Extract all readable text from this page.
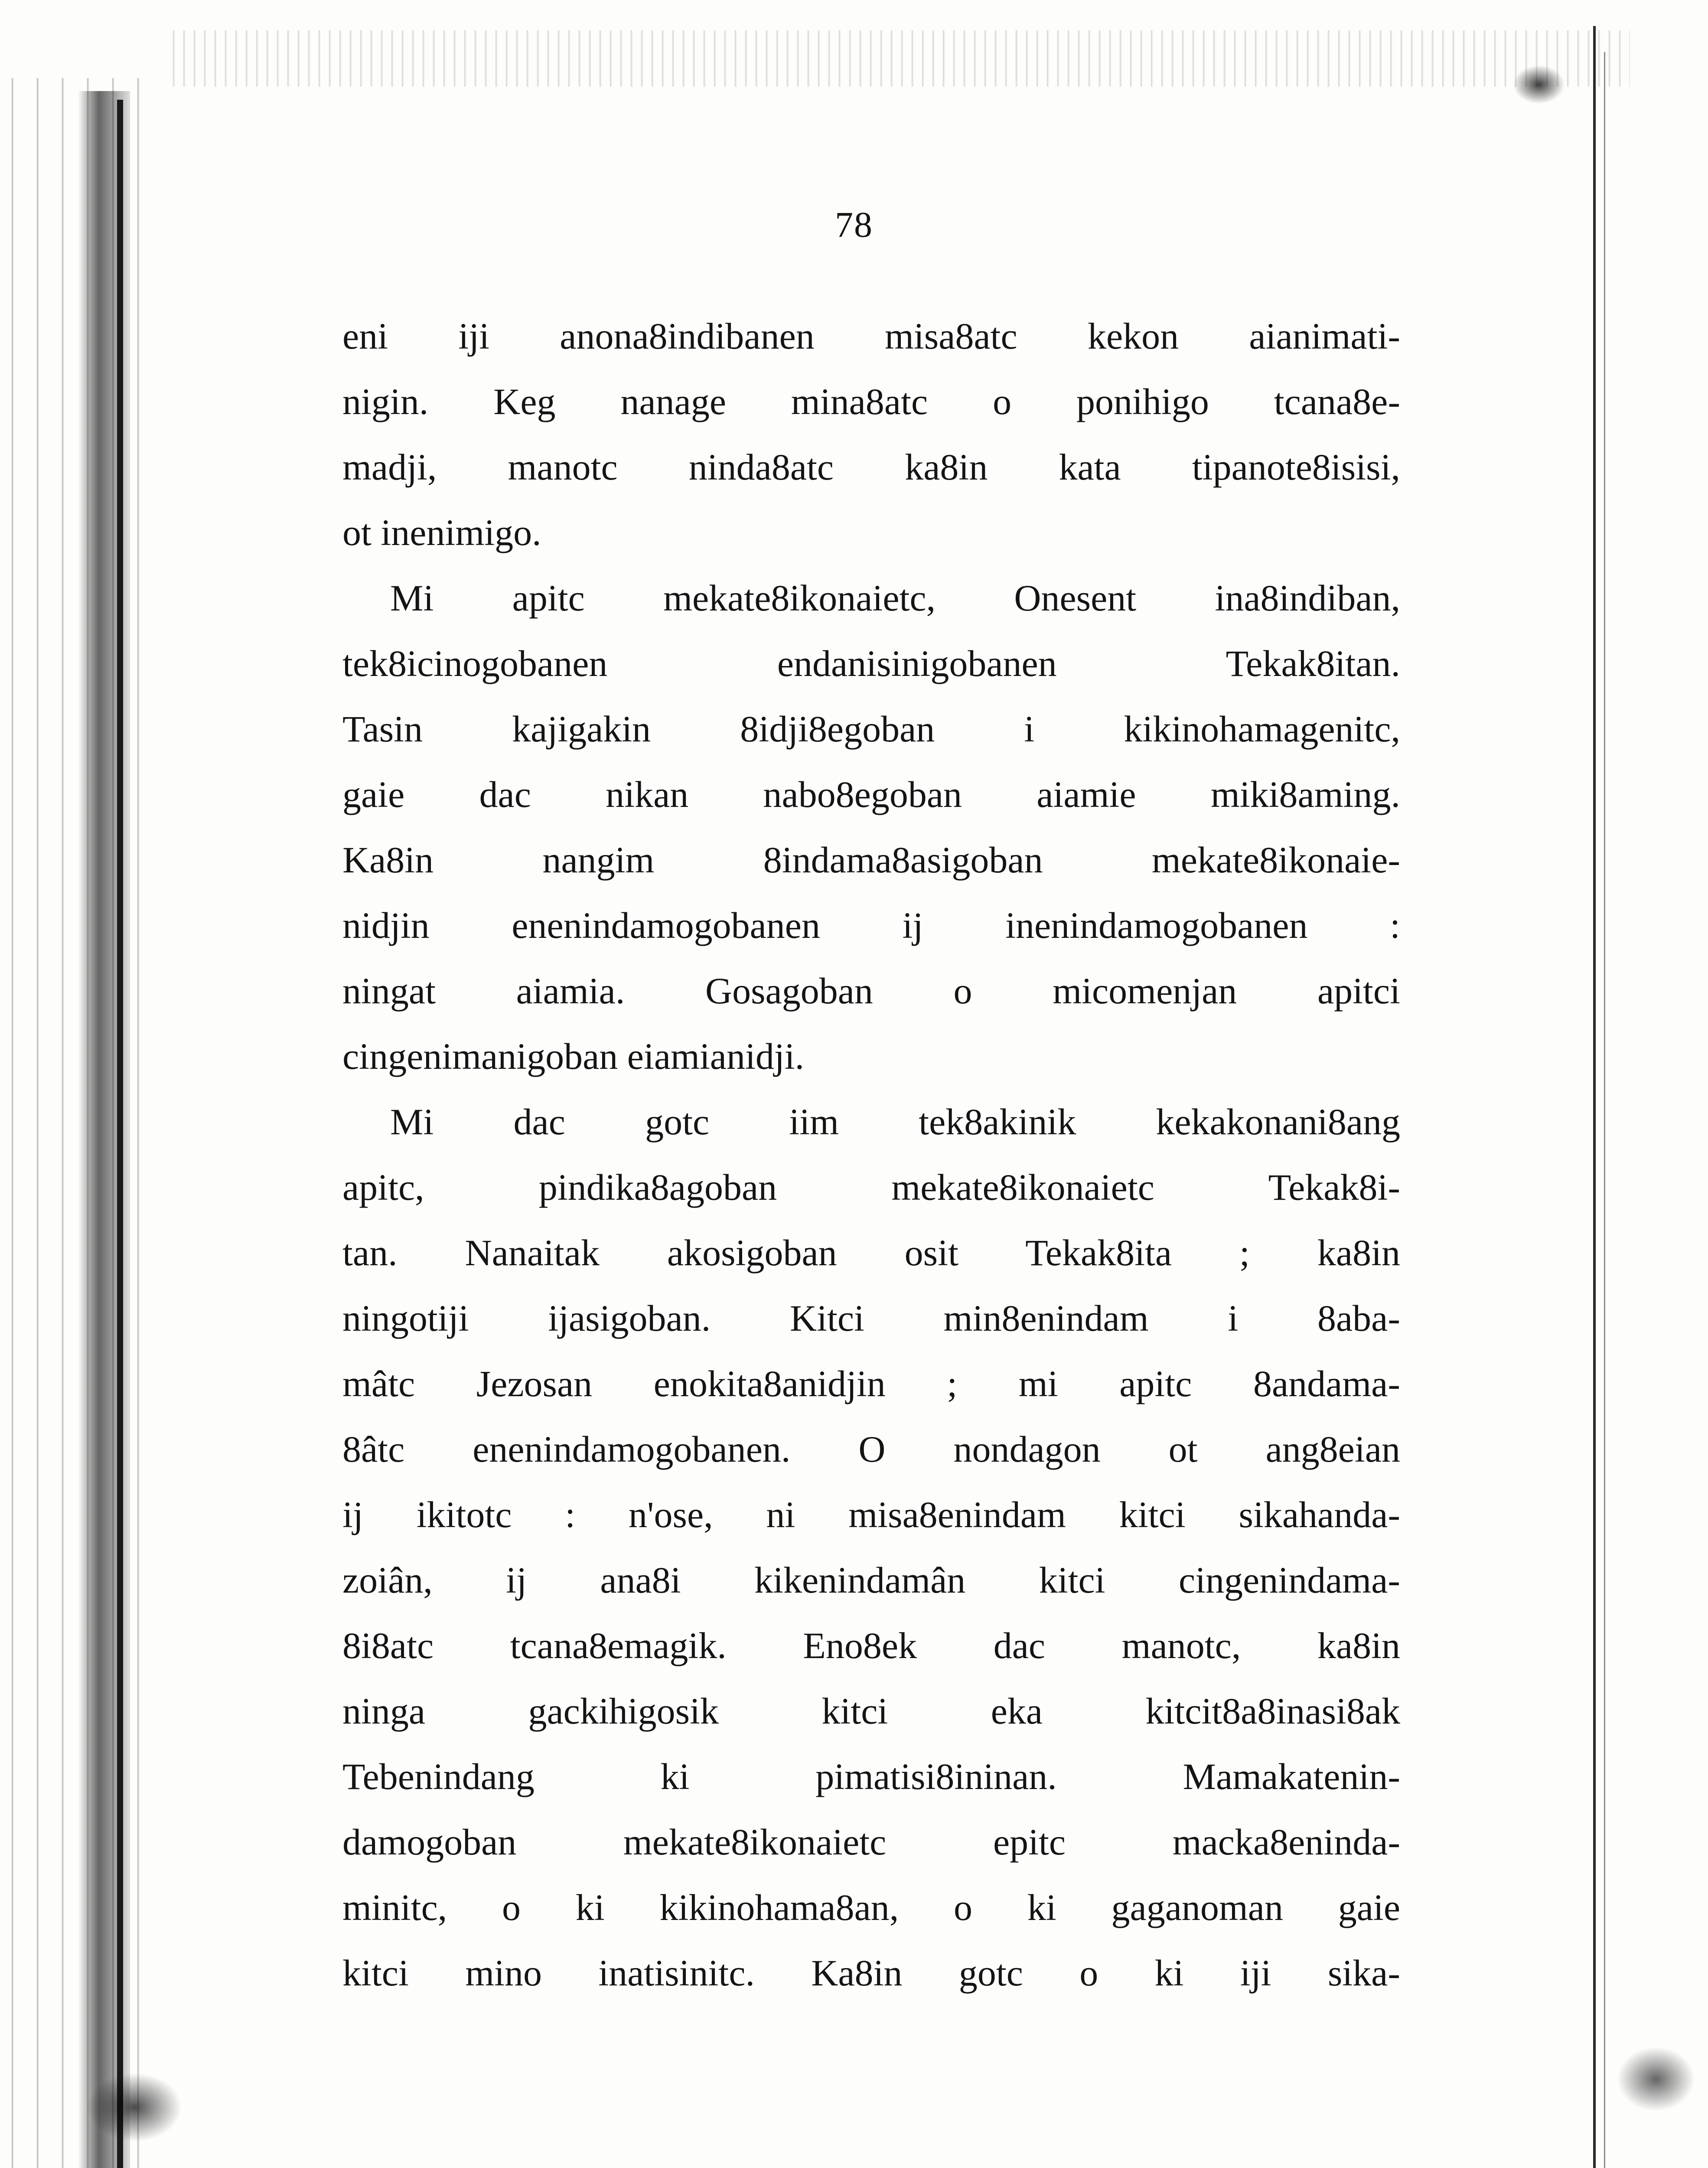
78
eni iji anona8indibanen misa8atc kekon aianimati-
nigin. Keg nanage mina8atc o ponihigo tcana8e-
madji, manotc ninda8atc ka8in kata tipanote8isisi,
ot inenimigo.
Mi apitc mekate8ikonaietc, Onesent ina8indiban,
tek8icinogobanen endanisinigobanen Tekak8itan.
Tasin kajigakin 8idji8egoban i kikinohamagenitc,
gaie dac nikan nabo8egoban aiamie miki8aming.
Ka8in nangim 8indama8asigoban mekate8ikonaie-
nidjin enenindamogobanen ij inenindamogobanen :
ningat aiamia. Gosagoban o micomenjan apitci
cingenimanigoban eiamianidji.
Mi dac gotc iim tek8akinik kekakonani8ang
apitc, pindika8agoban mekate8ikonaietc Tekak8i-
tan. Nanaitak akosigoban osit Tekak8ita ; ka8in
ningotiji ijasigoban. Kitci min8enindam i 8aba-
mâtc Jezosan enokita8anidjin ; mi apitc 8andama-
8âtc enenindamogobanen. O nondagon ot ang8eian
ij ikitotc : n'ose, ni misa8enindam kitci sikahanda-
zoiân, ij ana8i kikenindamân kitci cingenindama-
8i8atc tcana8emagik. Eno8ek dac manotc, ka8in
ninga gackihigosik kitci eka kitcit8a8inasi8ak
Tebenindang ki pimatisi8ininan. Mamakatenin-
damogoban mekate8ikonaietc epitc macka8eninda-
minitc, o ki kikinohama8an, o ki gaganoman gaie
kitci mino inatisinitc. Ka8in gotc o ki iji sika-
